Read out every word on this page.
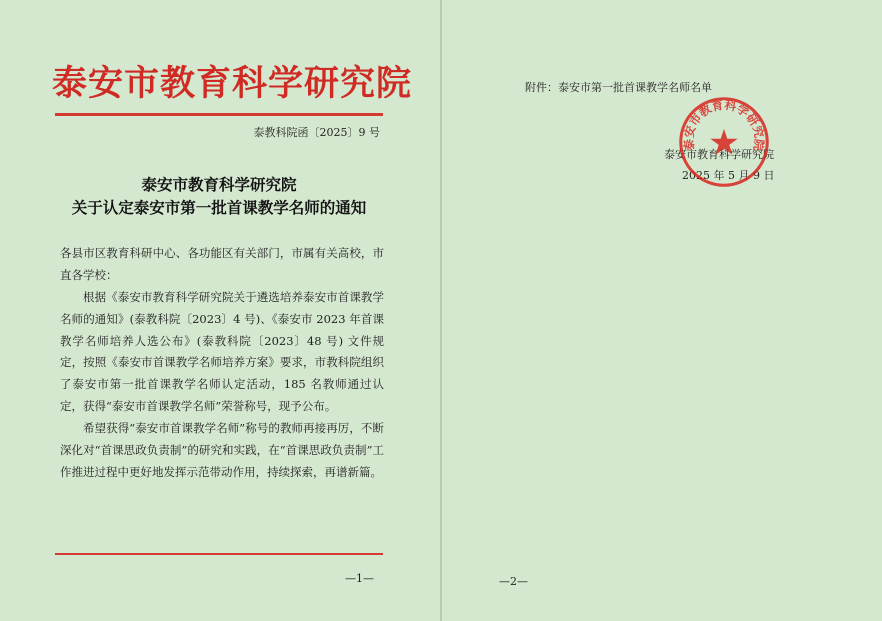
泰安市教育科学研究院
泰教科院函〔2025〕9 号
泰安市教育科学研究院
关于认定泰安市第一批首课教学名师的通知
各县市区教育科研中心、各功能区有关部门，市属有关高校，市直各学校：
根据《泰安市教育科学研究院关于遴选培养泰安市首课教学名师的通知》(泰教科院〔2023〕4 号)、《泰安市 2023 年首课教学名师培养人选公布》(泰教科院〔2023〕48 号) 文件规定，按照《泰安市首课教学名师培养方案》要求，市教科院组织了泰安市第一批首课教学名师认定活动，185 名教师通过认定，获得“泰安市首课教学名师”荣誉称号，现予公布。
希望获得“泰安市首课教学名师”称号的教师再接再厉，不断深化对“首课思政负责制”的研究和实践，在“首课思政负责制”工作推进过程中更好地发挥示范带动作用，持续探索，再谱新篇。
—1—
附件：泰安市第一批首课教学名师名单
泰安市教育科学研究院
2025 年 5 月 9 日
泰安市教育科学研究院
—2—
